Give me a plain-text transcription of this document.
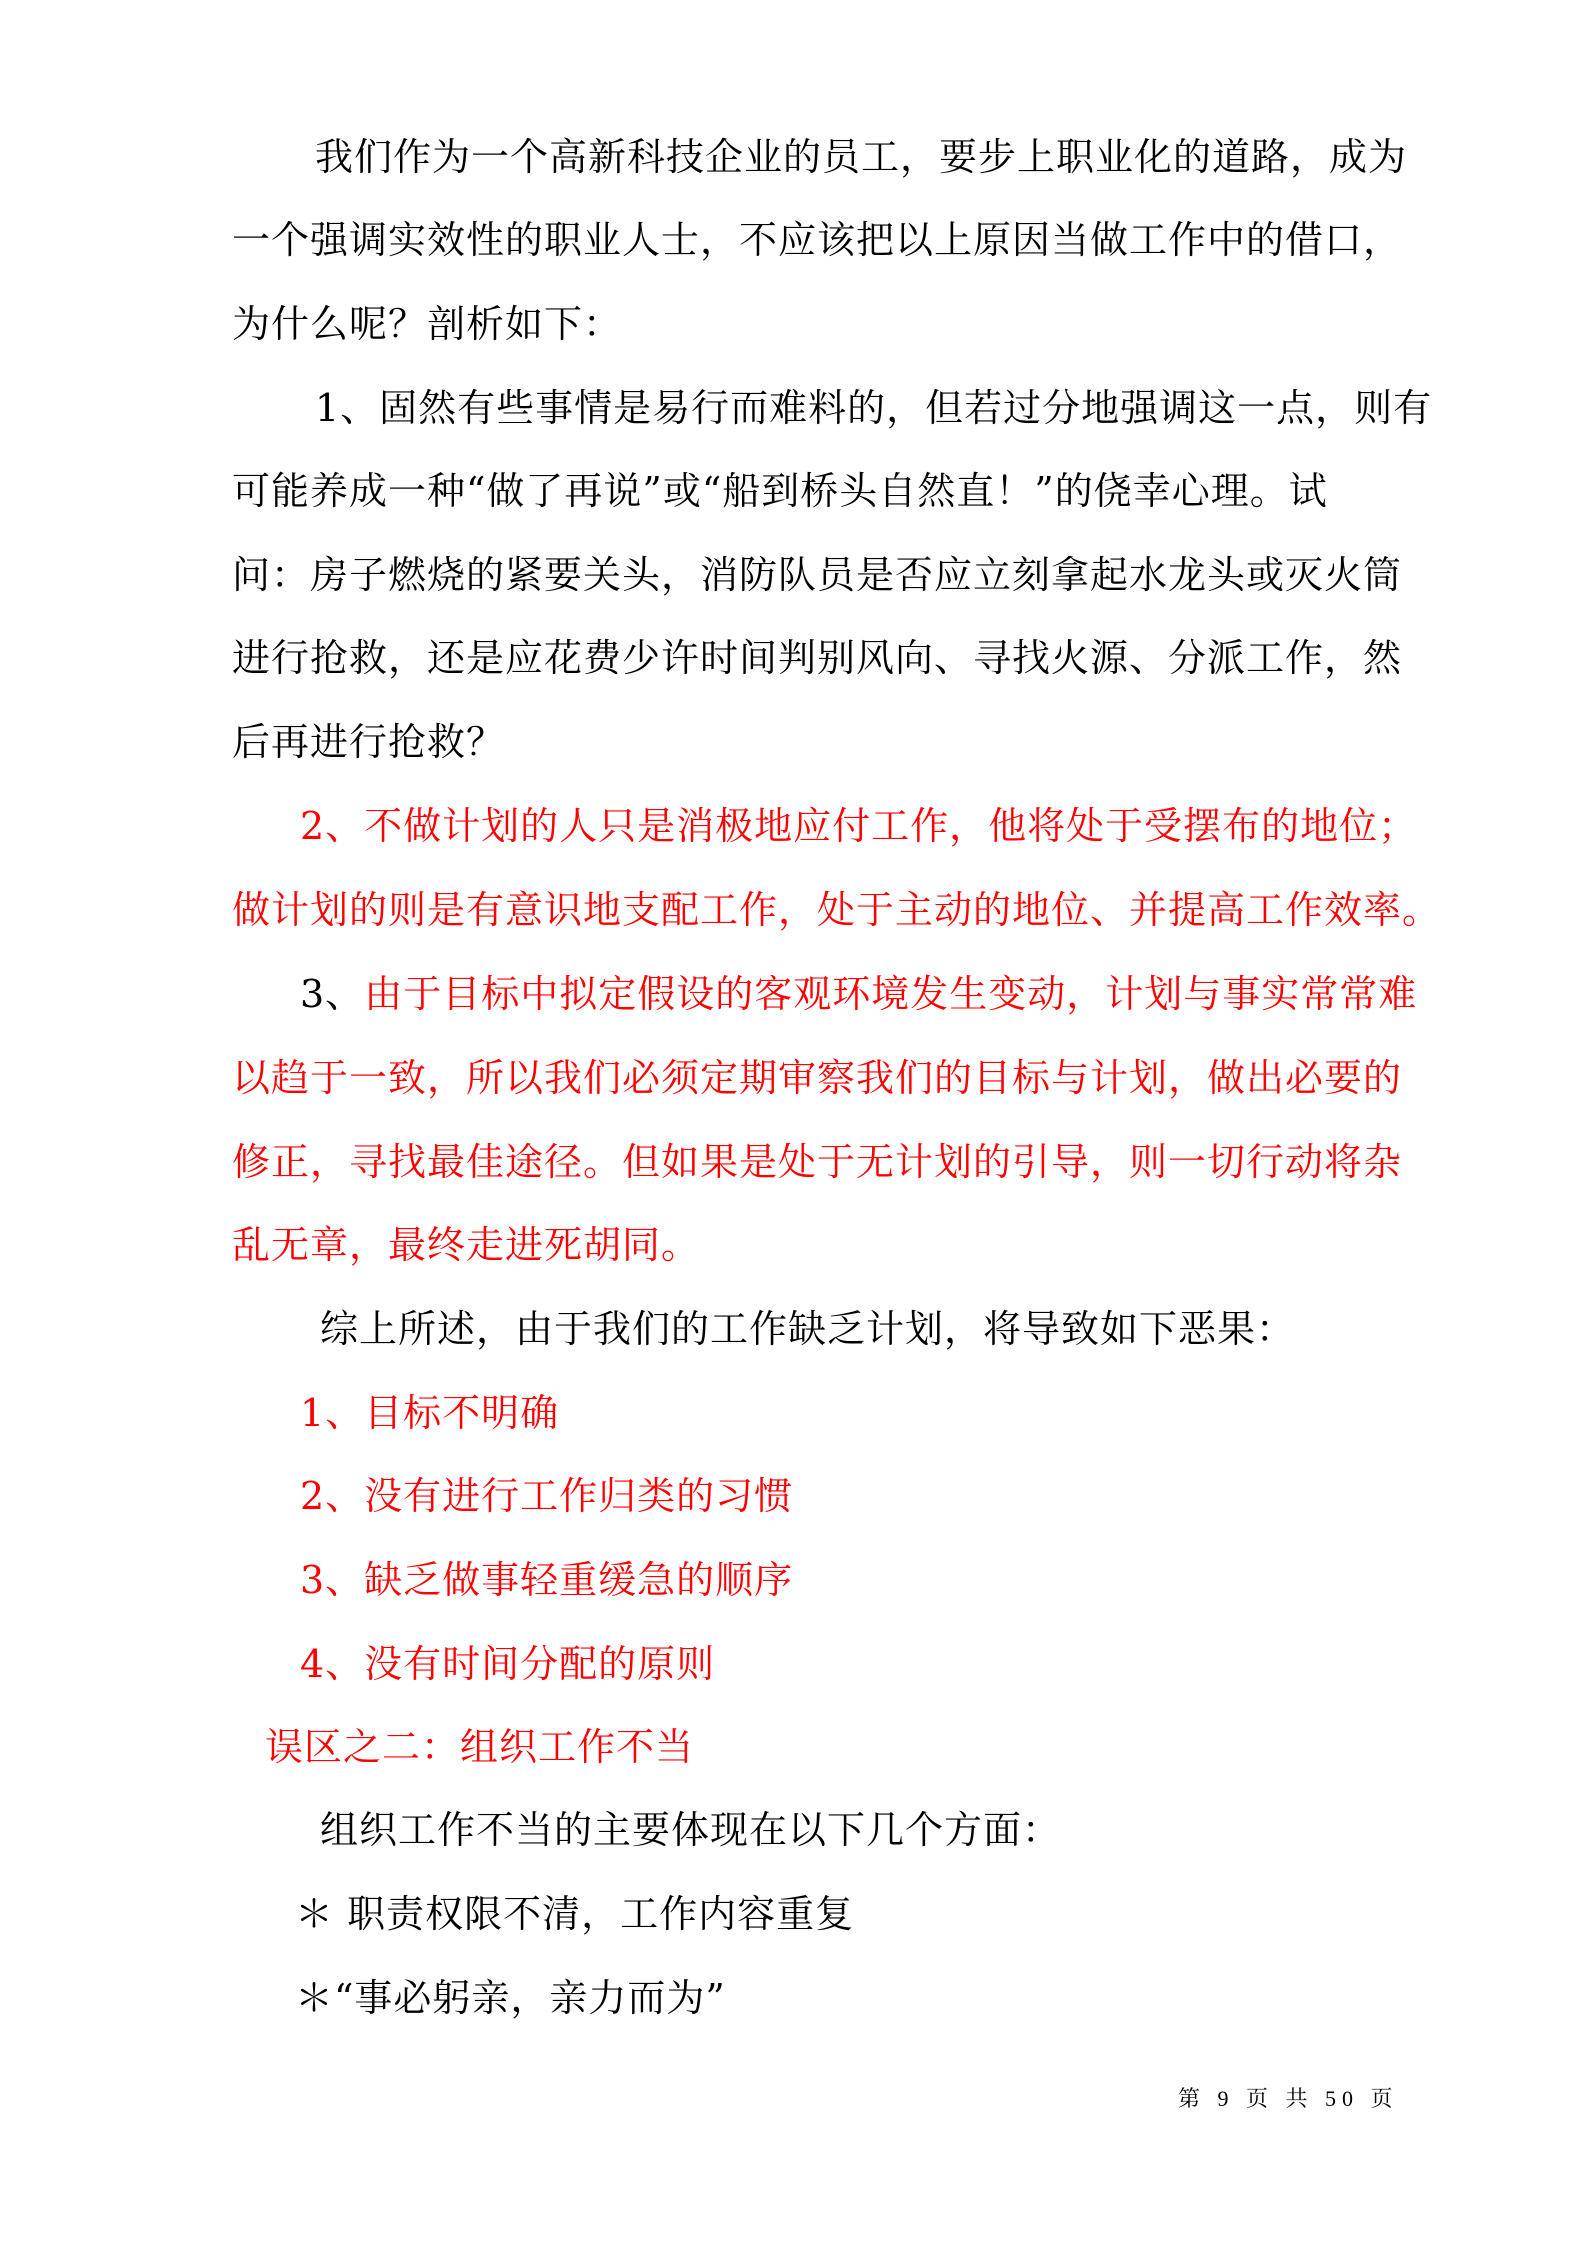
我们作为一个高新科技企业的员工，要步上职业化的道路，成为
一个强调实效性的职业人士，不应该把以上原因当做工作中的借口，
为什么呢？剖析如下：
1、固然有些事情是易行而难料的，但若过分地强调这一点，则有
可能养成一种“做了再说”或“船到桥头自然直！”的侥幸心理。试
问：房子燃烧的紧要关头，消防队员是否应立刻拿起水龙头或灭火筒
进行抢救，还是应花费少许时间判别风向、寻找火源、分派工作，然
后再进行抢救？
2、不做计划的人只是消极地应付工作，他将处于受摆布的地位；
做计划的则是有意识地支配工作，处于主动的地位、并提高工作效率。
3、由于目标中拟定假设的客观环境发生变动，计划与事实常常难
以趋于一致，所以我们必须定期审察我们的目标与计划，做出必要的
修正，寻找最佳途径。但如果是处于无计划的引导，则一切行动将杂
乱无章，最终走进死胡同。
综上所述，由于我们的工作缺乏计划，将导致如下恶果：
1、目标不明确
2、没有进行工作归类的习惯
3、缺乏做事轻重缓急的顺序
4、没有时间分配的原则
误区之二：组织工作不当
组织工作不当的主要体现在以下几个方面：
＊ 职责权限不清，工作内容重复
＊“事必躬亲，亲力而为”
第 9 页 共 50 页
